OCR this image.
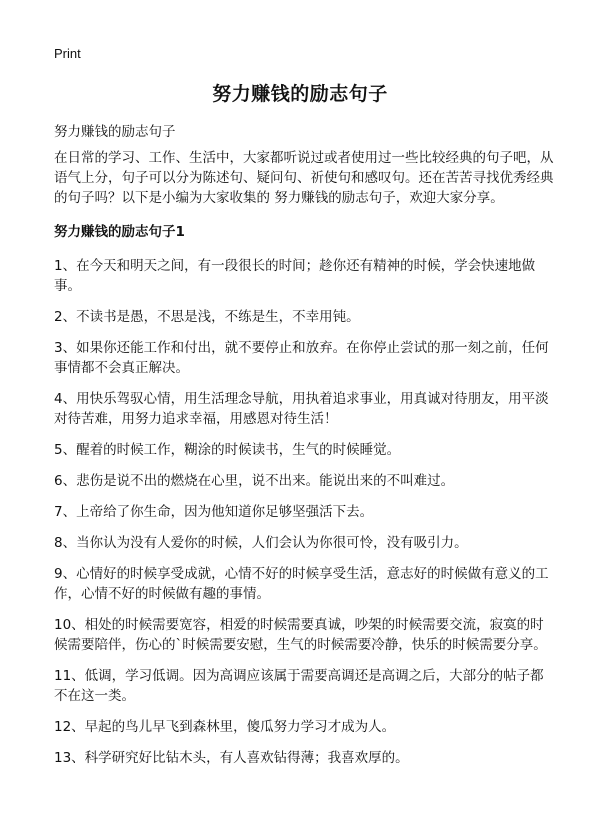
Print
努力赚钱的励志句子

努力赚钱的励志句子

在日常的学习、工作、生活中，大家都听说过或者使用过一些比较经典的句子吧，从语气上分，句子可以分为陈述句、疑问句、祈使句和感叹句。还在苦苦寻找优秀经典的句子吗？以下是小编为大家收集的 努力赚钱的励志句子，欢迎大家分享。

努力赚钱的励志句子1

1、在今天和明天之间，有一段很长的时间；趁你还有精神的时候，学会快速地做事。

2、不读书是愚，不思是浅，不练是生，不幸用钝。

3、如果你还能工作和付出，就不要停止和放弃。在你停止尝试的那一刻之前，任何事情都不会真正解决。

4、用快乐驾驭心情，用生活理念导航，用执着追求事业，用真诚对待朋友，用平淡对待苦难，用努力追求幸福，用感恩对待生活！

5、醒着的时候工作，糊涂的时候读书，生气的时候睡觉。

6、悲伤是说不出的燃烧在心里，说不出来。能说出来的不叫难过。

7、上帝给了你生命，因为他知道你足够坚强活下去。

8、当你认为没有人爱你的时候，人们会认为你很可怜，没有吸引力。

9、心情好的时候享受成就，心情不好的时候享受生活，意志好的时候做有意义的工作，心情不好的时候做有趣的事情。

10、相处的时候需要宽容，相爱的时候需要真诚，吵架的时候需要交流，寂寞的时候需要陪伴，伤心的`时候需要安慰，生气的时候需要冷静，快乐的时候需要分享。

11、低调，学习低调。因为高调应该属于需要高调还是高调之后，大部分的帖子都不在这一类。

12、早起的鸟儿早飞到森林里，傻瓜努力学习才成为人。

13、科学研究好比钻木头，有人喜欢钻得薄；我喜欢厚的。
